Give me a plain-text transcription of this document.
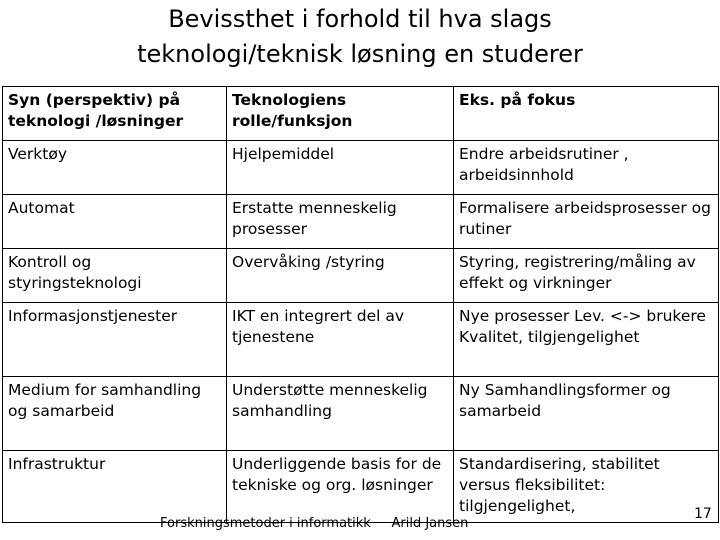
Bevissthet i forhold til hva slags
teknologi/teknisk løsning en studerer
Syn (perspektiv) på teknologi /løsninger	Teknologiens rolle/funksjon	Eks. på fokus
Verktøy	Hjelpemiddel	Endre arbeidsrutiner , arbeidsinnhold
Automat	Erstatte menneskelig prosesser	Formalisere arbeidsprosesser og rutiner
Kontroll og styringsteknologi	Overvåking /styring	Styring, registrering/måling av effekt og virkninger
Informasjonstjenester	IKT en integrert del av tjenestene	Nye prosesser Lev. <-> brukere Kvalitet, tilgjengelighet
Medium for samhandling og samarbeid	Understøtte menneskelig samhandling	Ny Samhandlingsformer og samarbeid
Infrastruktur	Underliggende basis for de tekniske og org. løsninger	Standardisering, stabilitet versus fleksibilitet: tilgjengelighet,
Forskningsmetoder i informatikk Arild Jansen
17
